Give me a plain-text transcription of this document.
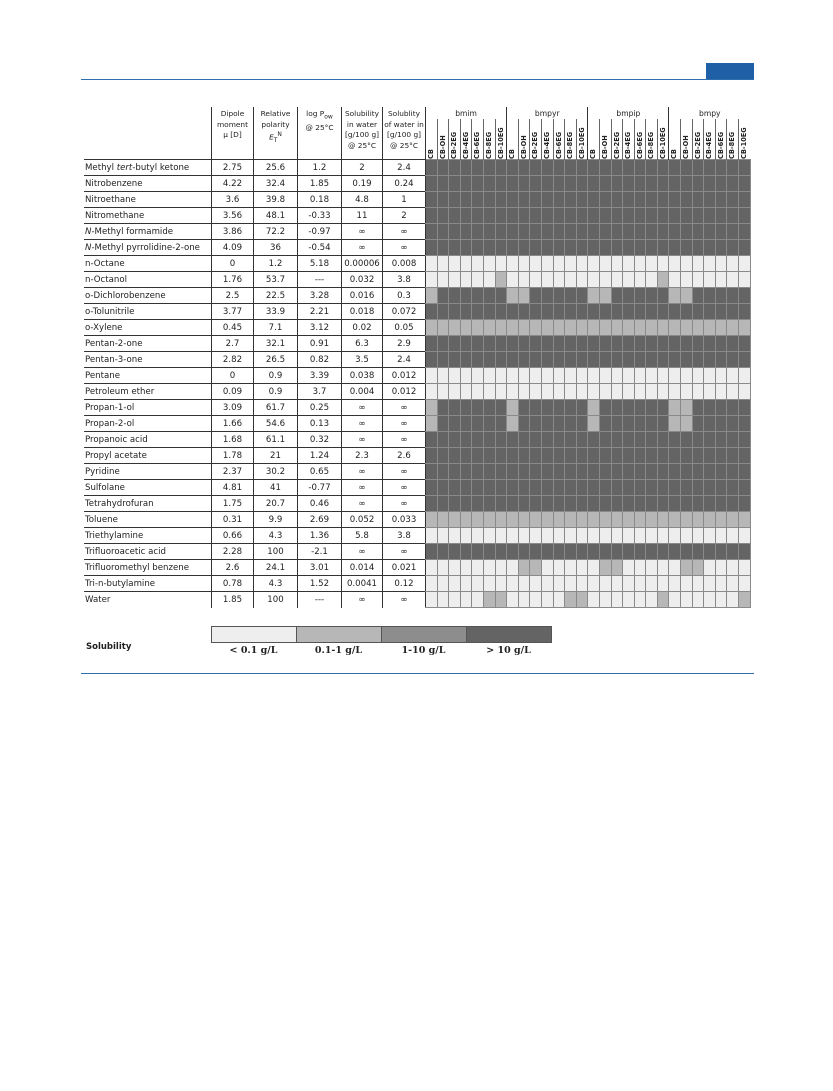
	Dipole
moment
μ [D]	Relative
polarity
$E_T^N$	$\log P_{ow}$
@ 25°C	Solubility
in water
[g/100 g]
@ 25°C	Solublity
of water in
[g/100 g]
@ 25°C	bmim							bmpyr							bmpip							bmpy						

						CB	CB-OH	CB-2EG	CB-4EG	CB-6EG	CB-8EG	CB-10EG	CB	CB-OH	CB-2EG	CB-4EG	CB-6EG	CB-8EG	CB-10EG	CB	CB-OH	CB-2EG	CB-4EG	CB-6EG	CB-8EG	CB-10EG	CB	CB-OH	CB-2EG	CB-4EG	CB-6EG	CB-8EG	CB-10EG

Methyl tert-butyl ketone	2.75	25.6	1.2	2	2.4																												
Nitrobenzene	4.22	32.4	1.85	0.19	0.24																												
Nitroethane	3.6	39.8	0.18	4.8	1																												
Nitromethane	3.56	48.1	-0.33	11	2																												
N-Methyl formamide	3.86	72.2	-0.97	∞	∞																												
N-Methyl pyrrolidine-2-one	4.09	36	-0.54	∞	∞																												
n-Octane	0	1.2	5.18	0.00006	0.008																												
n-Octanol	1.76	53.7	---	0.032	3.8																												
o-Dichlorobenzene	2.5	22.5	3.28	0.016	0.3																												
o-Tolunitrile	3.77	33.9	2.21	0.018	0.072																												
o-Xylene	0.45	7.1	3.12	0.02	0.05																												
Pentan-2-one	2.7	32.1	0.91	6.3	2.9																												
Pentan-3-one	2.82	26.5	0.82	3.5	2.4																												
Pentane	0	0.9	3.39	0.038	0.012																												
Petroleum ether	0.09	0.9	3.7	0.004	0.012																												
Propan-1-ol	3.09	61.7	0.25	∞	∞																												
Propan-2-ol	1.66	54.6	0.13	∞	∞																												
Propanoic acid	1.68	61.1	0.32	∞	∞																												
Propyl acetate	1.78	21	1.24	2.3	2.6																												
Pyridine	2.37	30.2	0.65	∞	∞																												
Sulfolane	4.81	41	-0.77	∞	∞																												
Tetrahydrofuran	1.75	20.7	0.46	∞	∞																												
Toluene	0.31	9.9	2.69	0.052	0.033																												
Triethylamine	0.66	4.3	1.36	5.8	3.8																												
Trifluoroacetic acid	2.28	100	-2.1	∞	∞																												
Trifluoromethyl benzene	2.6	24.1	3.01	0.014	0.021																												
Tri-n-butylamine	0.78	4.3	1.52	0.0041	0.12																												
Water	1.85	100	---	∞	∞																												
Solubility	< 0.1 g/L	0.1-1 g/L	1-10 g/L	> 10 g/L
